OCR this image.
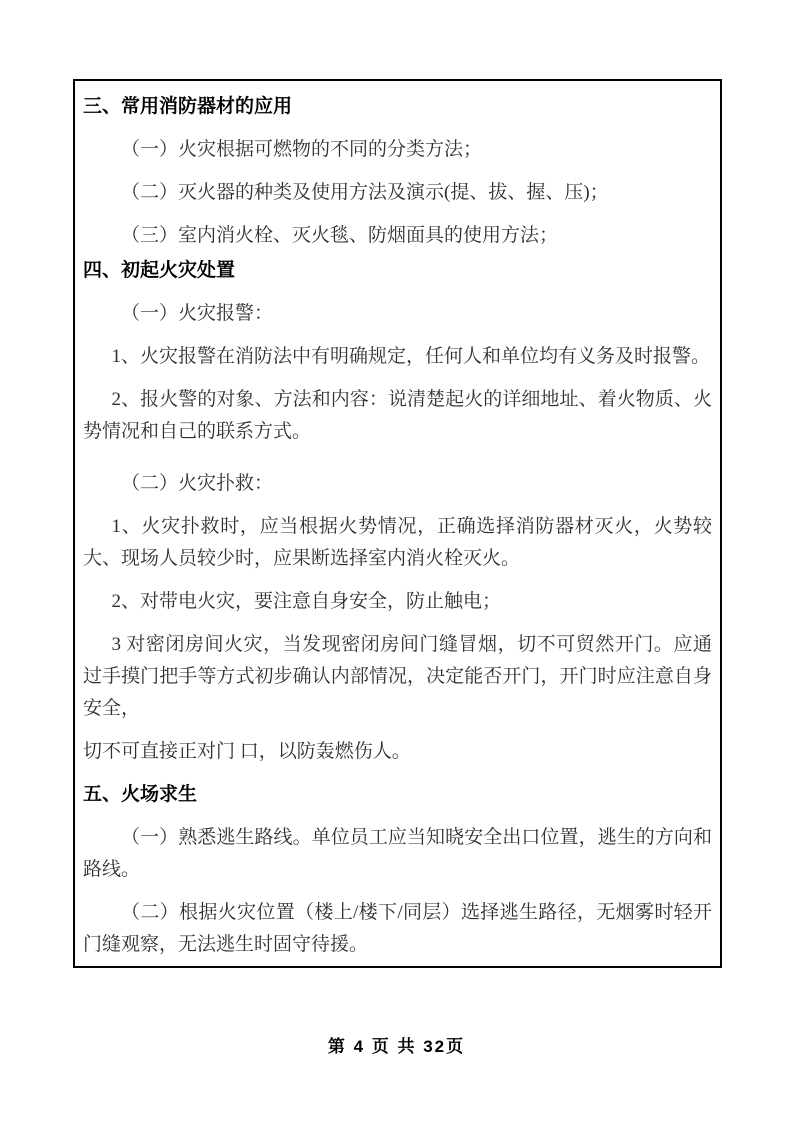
三、常用消防器材的应用
（一）火灾根据可燃物的不同的分类方法；
（二）灭火器的种类及使用方法及演示(提、拔、握、压)；
（三）室内消火栓、灭火毯、防烟面具的使用方法；
四、初起火灾处置
（一）火灾报警：
1、火灾报警在消防法中有明确规定，任何人和单位均有义务及时报警。
2、报火警的对象、方法和内容：说清楚起火的详细地址、着火物质、火势情况和自己的联系方式。
（二）火灾扑救：
1、火灾扑救时，应当根据火势情况，正确选择消防器材灭火，火势较大、现场人员较少时，应果断选择室内消火栓灭火。
2、对带电火灾，要注意自身安全，防止触电；
3 对密闭房间火灾，当发现密闭房间门缝冒烟，切不可贸然开门。应通过手摸门把手等方式初步确认内部情况，决定能否开门，开门时应注意自身安全，
切不可直接正对门 口，以防轰燃伤人。
五、火场求生
（一）熟悉逃生路线。单位员工应当知晓安全出口位置，逃生的方向和路线。
（二）根据火灾位置（楼上/楼下/同层）选择逃生路径，无烟雾时轻开门缝观察，无法逃生时固守待援。
第 4 页 共 32页
